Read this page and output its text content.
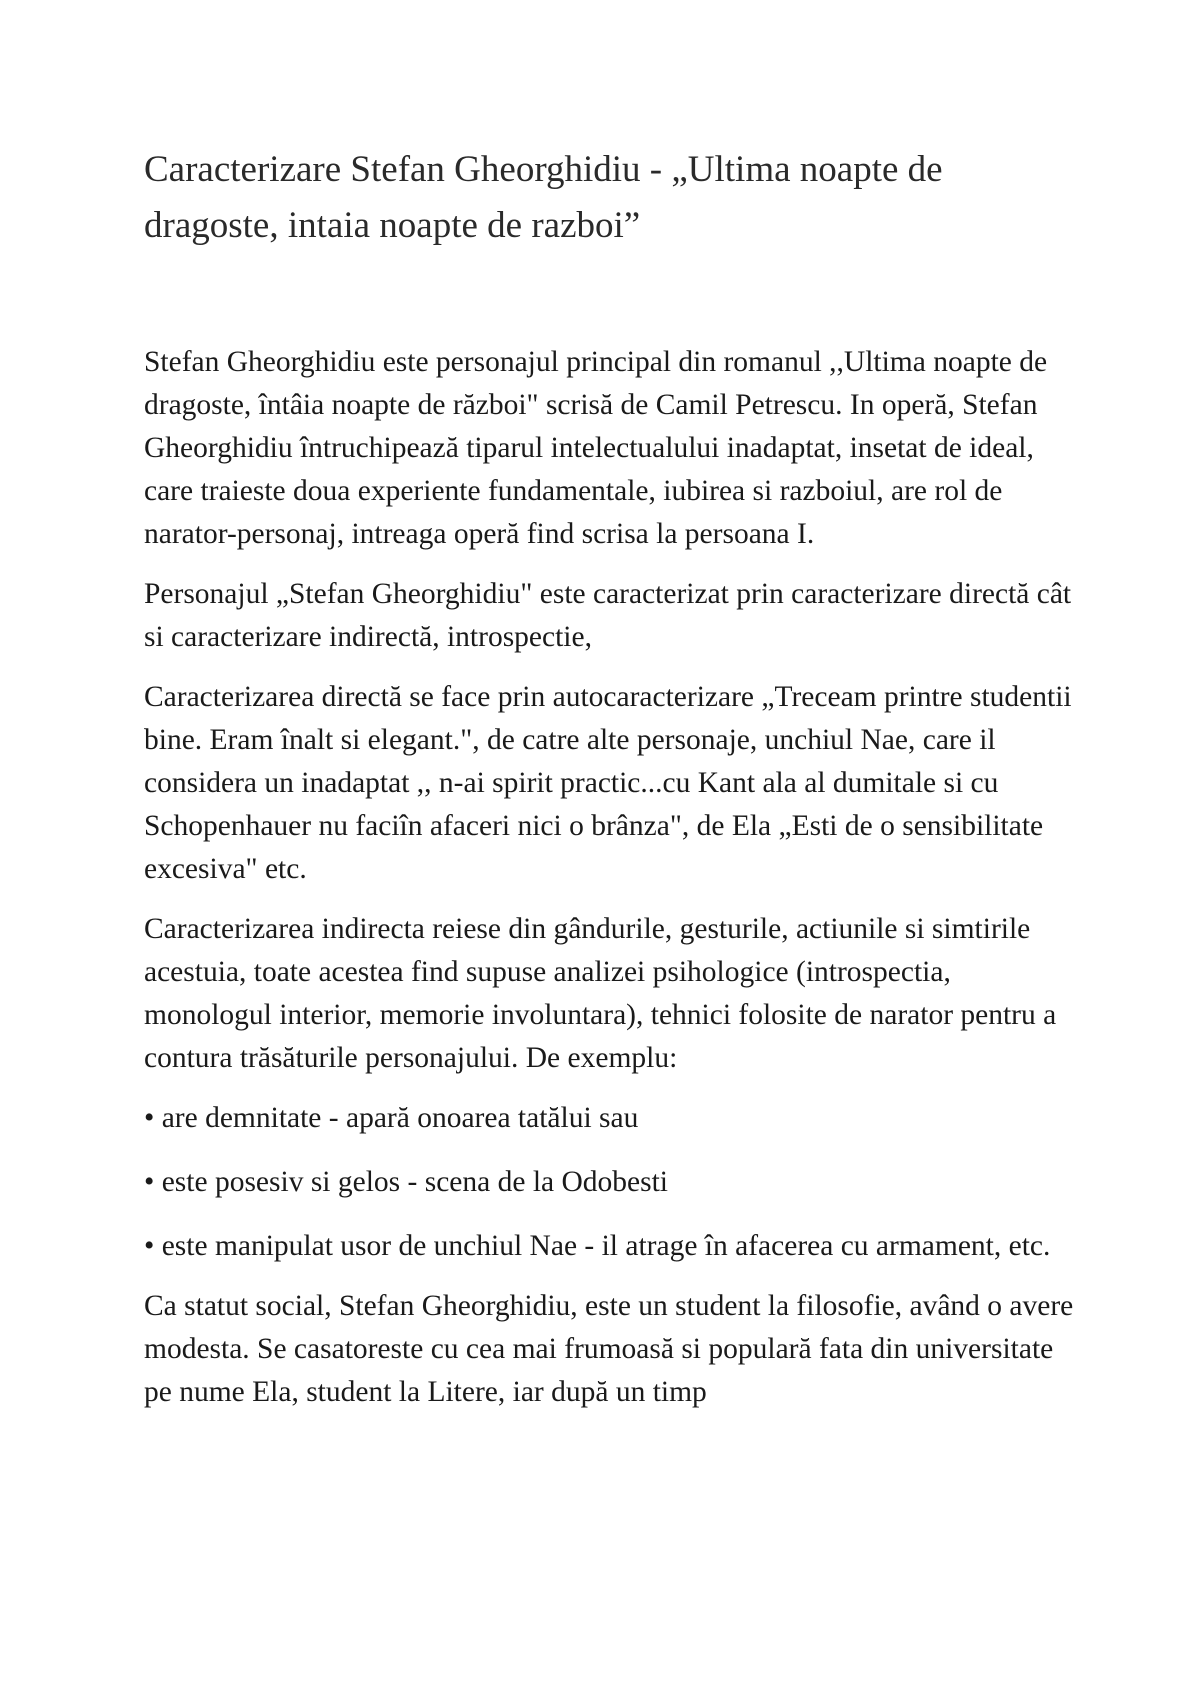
Caracterizare Stefan Gheorghidiu - „Ultima noapte de dragoste, intaia noapte de razboi”

Stefan Gheorghidiu este personajul principal din romanul ,,Ultima noapte de dragoste, întâia noapte de război" scrisă de Camil Petrescu. In operă, Stefan Gheorghidiu întruchipează tiparul intelectualului inadaptat, insetat de ideal, care traieste doua experiente fundamentale, iubirea si razboiul, are rol de narator-personaj, intreaga operă find scrisa la persoana I.

Personajul „Stefan Gheorghidiu" este caracterizat prin caracterizare directă cât si caracterizare indirectă, introspectie,

Caracterizarea directă se face prin autocaracterizare „Treceam printre studentii bine. Eram înalt si elegant.", de catre alte personaje, unchiul Nae, care il considera un inadaptat ,, n-ai spirit practic...cu Kant ala al dumitale si cu Schopenhauer nu faciîn afaceri nici o brânza", de Ela „Esti de o sensibilitate excesiva" etc.

Caracterizarea indirecta reiese din gândurile, gesturile, actiunile si simtirile acestuia, toate acestea find supuse analizei psihologice (introspectia, monologul interior, memorie involuntara), tehnici folosite de narator pentru a contura trăsăturile personajului. De exemplu:

• are demnitate - apară onoarea tatălui sau

• este posesiv si gelos - scena de la Odobesti

• este manipulat usor de unchiul Nae - il atrage în afacerea cu armament, etc.

Ca statut social, Stefan Gheorghidiu, este un student la filosofie, având o avere modesta. Se casatoreste cu cea mai frumoasă si populară fata din universitate pe nume Ela, student la Litere, iar după un timp
